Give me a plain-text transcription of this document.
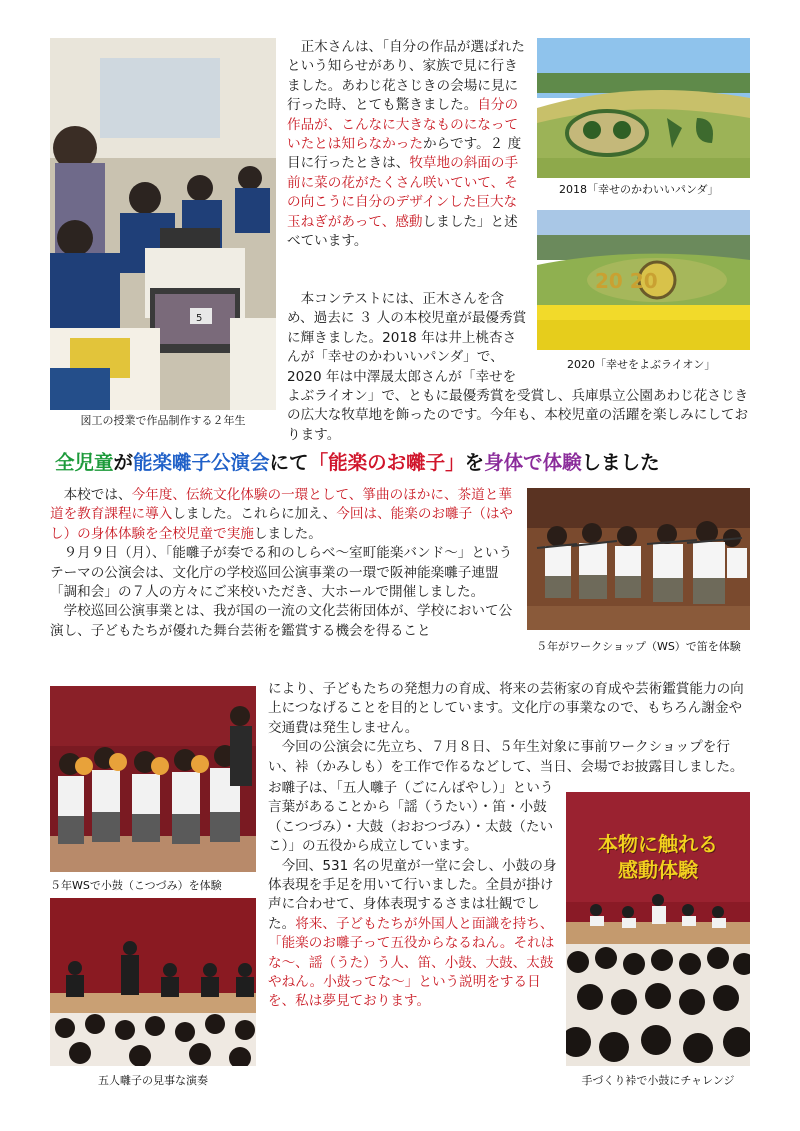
5
図工の授業で作品制作する２年生

正木さんは、「自分の作品が選ばれたという知らせがあり、家族で見に行きました。あわじ花さじきの会場に見に行った時、とても驚きました。自分の作品が、こんなに大きなものになっていたとは知らなかったからです。２ 度目に行ったときは、牧草地の斜面の手前に菜の花がたくさん咲いていて、その向こうに自分のデザインした巨大な玉ねぎがあって、感動しました」と述べています。

2018「幸せのかわいいパンダ」
20 20
2020「幸せをよぶライオン」

本コンテストには、正木さんを含め、過去に ３ 人の本校児童が最優秀賞に輝きました。2018 年は井上桃杏さんが「幸せのかわいいパンダ」で、2020 年は中澤晟太郎さんが「幸せをよぶライオン」で、ともに最優秀賞を受賞し、兵庫県立公園あわじ花さじきの広大な牧草地を飾ったのです。今年も、本校児童の活躍を楽しみにしております。

全児童が能楽囃子公演会にて「能楽のお囃子」を身体で体験しました
５年がワークショップ（WS）で笛を体験

本校では、今年度、伝統文化体験の一環として、箏曲のほかに、茶道と華道を教育課程に導入しました。これらに加え、今回は、能楽のお囃子（はやし）の身体体験を全校児童で実施しました。

９月９日（月）、「能囃子が奏でる和のしらべ〜室町能楽バンド〜」というテーマの公演会は、文化庁の学校巡回公演事業の一環で阪神能楽囃子連盟「調和会」の７人の方々にご来校いただき、大ホールで開催しました。

学校巡回公演事業とは、我が国の一流の文化芸術団体が、学校において公演し、子どもたちが優れた舞台芸術を鑑賞する機会を得ること

５年WSで小鼓（こつづみ）を体験
五人囃子の見事な演奏

により、子どもたちの発想力の育成、将来の芸術家の育成や芸術鑑賞能力の向上につなげることを目的としています。文化庁の事業なので、もちろん謝金や交通費は発生しません。

今回の公演会に先立ち、７月８日、５年生対象に事前ワークショップを行い、裃（かみしも）を工作で作るなどして、当日、会場でお披露目しました。

お囃子は、「五人囃子（ごにんばやし）」という言葉があることから「謡（うたい）・笛・小鼓（こつづみ）・大鼓（おおつづみ）・太鼓（たいこ）」の五役から成立しています。

今回、531 名の児童が一堂に会し、小鼓の身体表現を手足を用いて行いました。全員が掛け声に合わせて、身体表現するさまは壮観でした。将来、子どもたちが外国人と面識を持ち、「能楽のお囃子って五役からなるねん。それはな〜、謡（うた）う人、笛、小鼓、大鼓、太鼓やねん。小鼓ってな〜」という説明をする日を、私は夢見ております。

本物に触れる
感動体験
手づくり裃で小鼓にチャレンジ
